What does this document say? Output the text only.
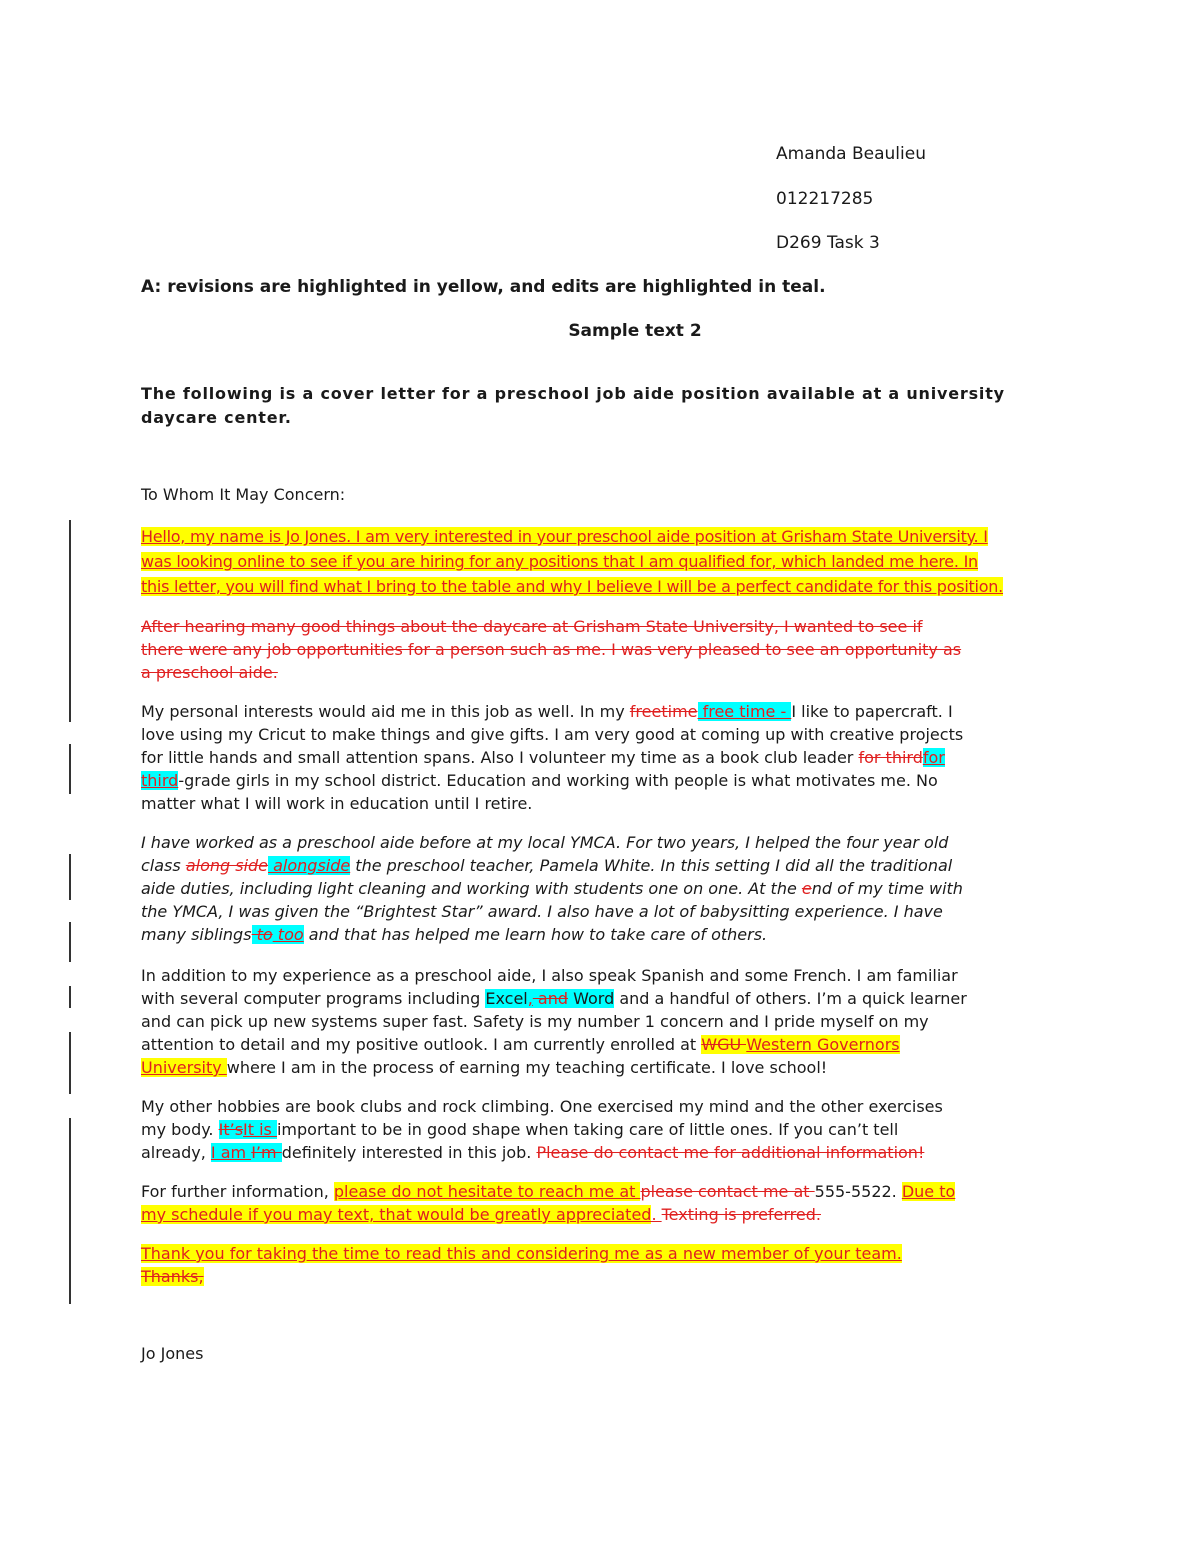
Amanda Beaulieu
012217285
D269 Task 3
A: revisions are highlighted in yellow, and edits are highlighted in teal.
Sample text 2
The following is a cover letter for a preschool job aide position available at a university daycare center.
To Whom It May Concern:
Hello, my name is Jo Jones. I am very interested in your preschool aide position at Grisham State University. I
was looking online to see if you are hiring for any positions that I am qualified for, which landed me here. In
this letter, you will find what I bring to the table and why I believe I will be a perfect candidate for this position.
After hearing many good things about the daycare at Grisham State University, I wanted to see if
there were any job opportunities for a person such as me. I was very pleased to see an opportunity as
a preschool aide.
My personal interests would aid me in this job as well. In my freetime free time - I like to papercraft. I
love using my Cricut to make things and give gifts. I am very good at coming up with creative projects
for little hands and small attention spans. Also I volunteer my time as a book club leader for thirdfor
third-grade girls in my school district. Education and working with people is what motivates me. No
matter what I will work in education until I retire.
I have worked as a preschool aide before at my local YMCA. For two years, I helped the four year old
class along side alongside the preschool teacher, Pamela White. In this setting I did all the traditional
aide duties, including light cleaning and working with students one on one. At the end of my time with
the YMCA, I was given the “Brightest Star” award. I also have a lot of babysitting experience. I have
many siblings to too and that has helped me learn how to take care of others.
In addition to my experience as a preschool aide, I also speak Spanish and some French. I am familiar
with several computer programs including Excel, and Word and a handful of others. I’m a quick learner
and can pick up new systems super fast. Safety is my number 1 concern and I pride myself on my
attention to detail and my positive outlook. I am currently enrolled at WGU Western Governors
University where I am in the process of earning my teaching certificate. I love school!
My other hobbies are book clubs and rock climbing. One exercised my mind and the other exercises
my body. It’sIt is important to be in good shape when taking care of little ones. If you can’t tell
already, I am I’m definitely interested in this job. Please do contact me for additional information!
For further information, please do not hesitate to reach me at please contact me at 555-5522. Due to
my schedule if you may text, that would be greatly appreciated. Texting is preferred.
Thank you for taking the time to read this and considering me as a new member of your team.
Thanks,
Jo Jones
